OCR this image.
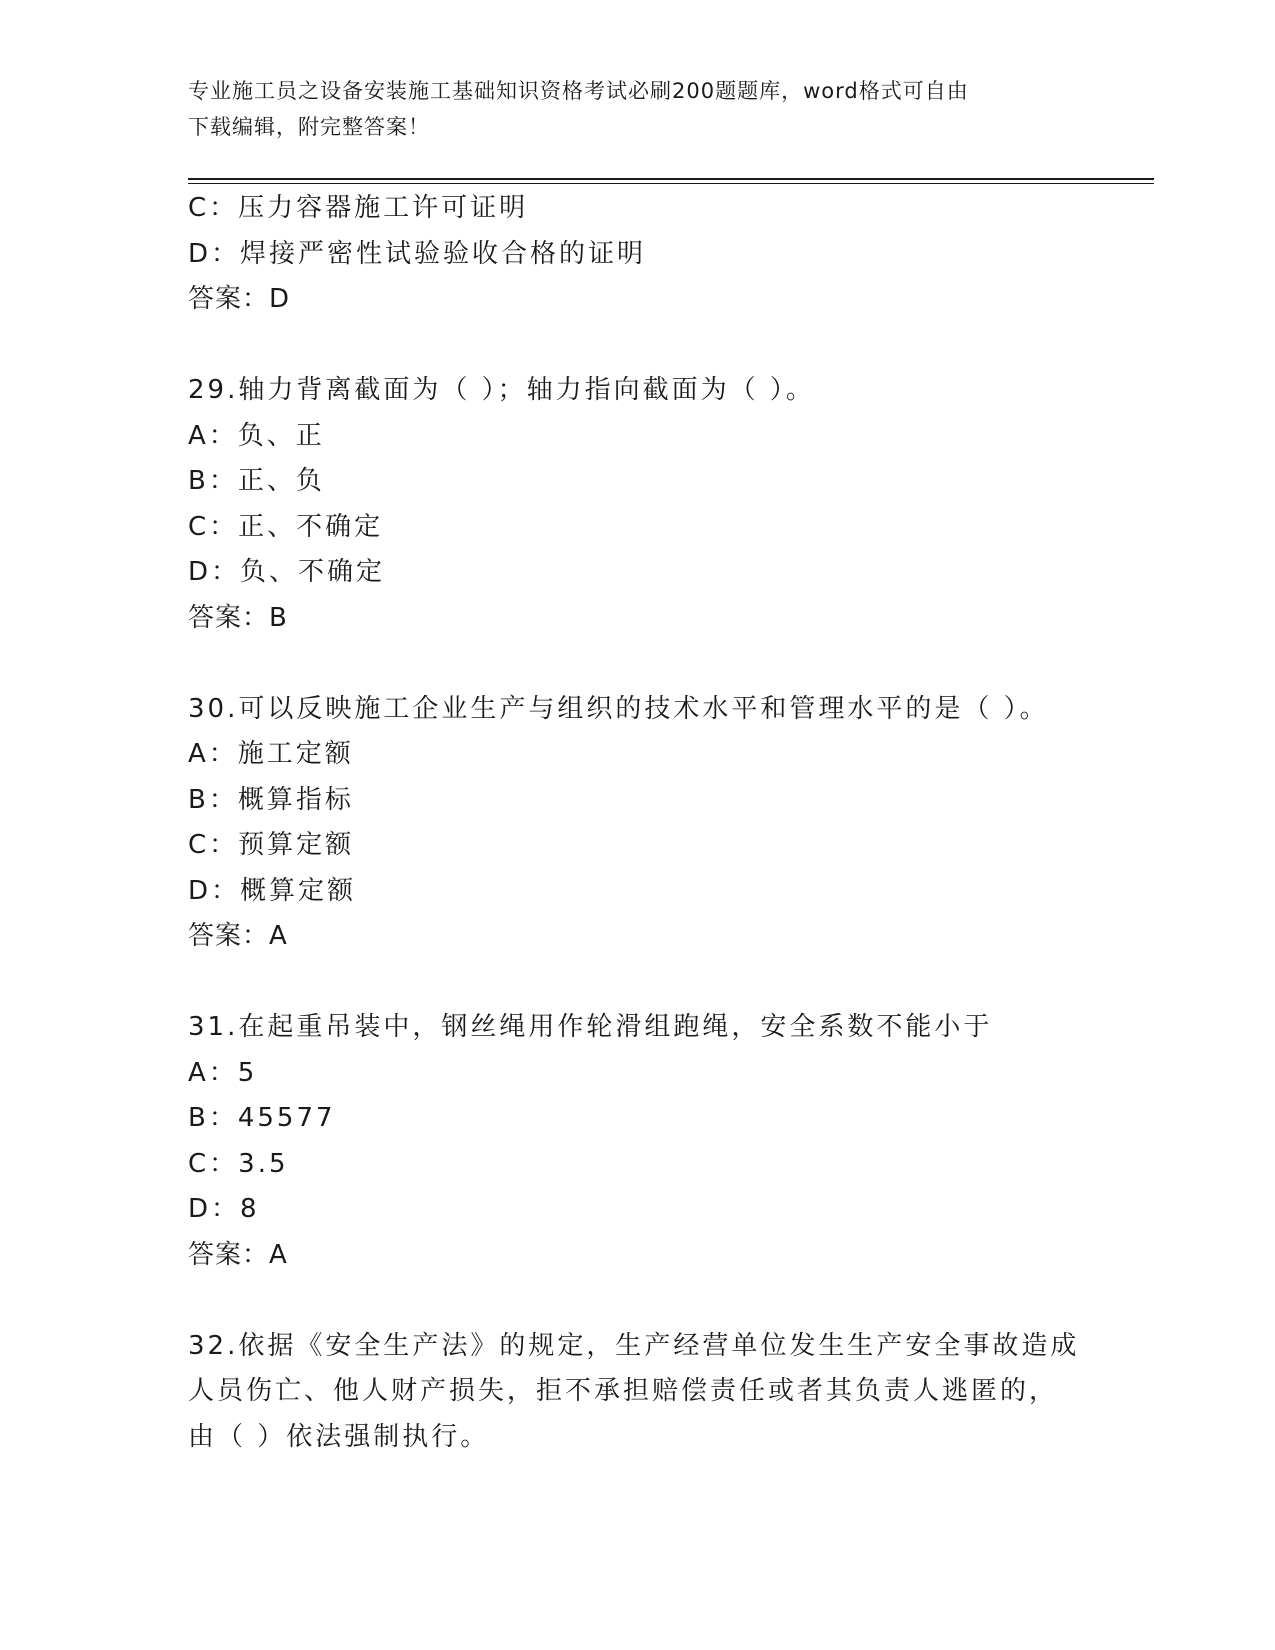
专业施工员之设备安装施工基础知识资格考试必刷200题题库，word格式可自由
下载编辑，附完整答案！
C：压力容器施工许可证明
D：焊接严密性试验验收合格的证明
答案：D
29.轴力背离截面为（ ）；轴力指向截面为（ ）。
A：负、正
B：正、负
C：正、不确定
D：负、不确定
答案：B
30.可以反映施工企业生产与组织的技术水平和管理水平的是（ ）。
A：施工定额
B：概算指标
C：预算定额
D：概算定额
答案：A
31.在起重吊装中，钢丝绳用作轮滑组跑绳，安全系数不能小于
A：5
B：45577
C：3.5
D：8
答案：A
32.依据《安全生产法》的规定，生产经营单位发生生产安全事故造成
人员伤亡、他人财产损失，拒不承担赔偿责任或者其负责人逃匿的，
由（ ）依法强制执行。
